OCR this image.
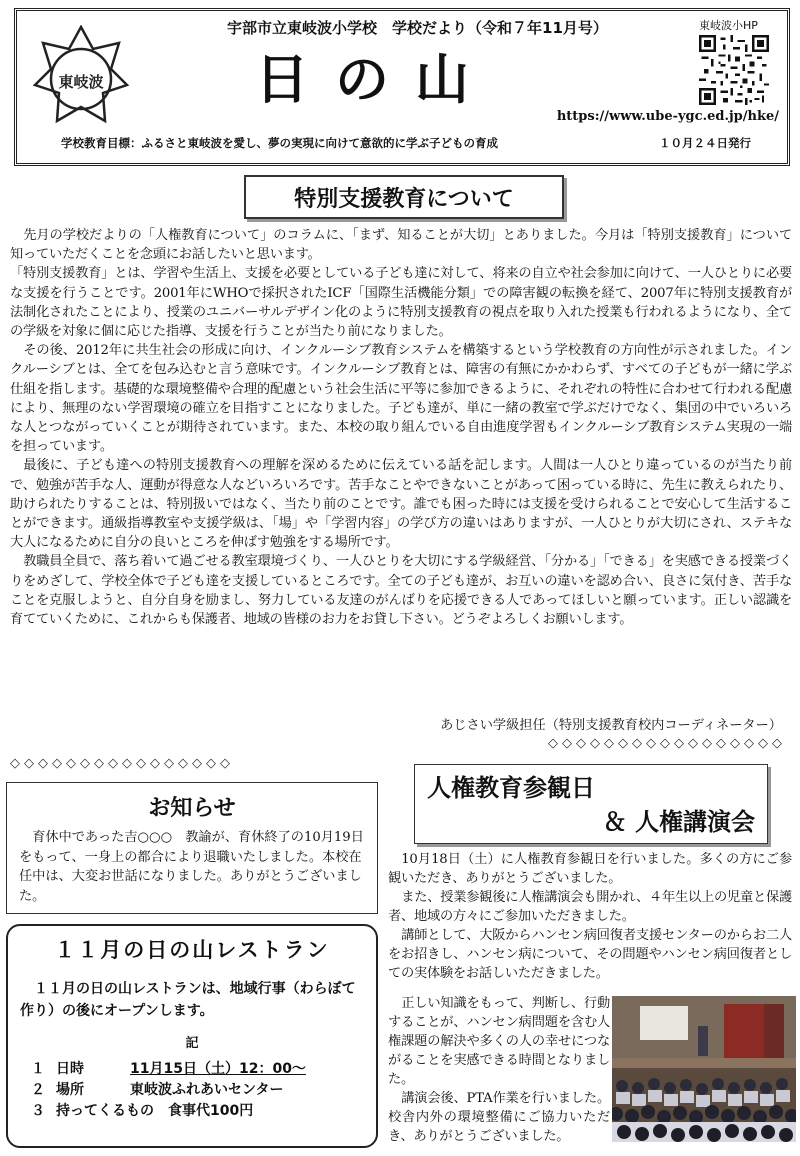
東岐波
宇部市立東岐波小学校　学校だより（令和７年11月号）
日の山
東岐波小HP
https://www.ube-ygc.ed.jp/hke/
学校教育目標：ふるさと東岐波を愛し、夢の実現に向けて意欲的に学ぶ子どもの育成	１０月２４日発行
特別支援教育について

先月の学校だよりの「人権教育について」のコラムに、「まず、知ることが大切」とありました。今月は「特別支援教育」について知っていただくことを念頭にお話したいと思います。

「特別支援教育」とは、学習や生活上、支援を必要としている子ども達に対して、将来の自立や社会参加に向けて、一人ひとりに必要な支援を行うことです。2001年にWHOで採択されたICF「国際生活機能分類」での障害観の転換を経て、2007年に特別支援教育が法制化されたことにより、授業のユニバーサルデザイン化のように特別支援教育の視点を取り入れた授業も行われるようになり、全ての学級を対象に個に応じた指導、支援を行うことが当たり前になりました。

その後、2012年に共生社会の形成に向け、インクルーシブ教育システムを構築するという学校教育の方向性が示されました。インクルーシブとは、全てを包み込むと言う意味です。インクルーシブ教育とは、障害の有無にかかわらず、すべての子どもが一緒に学ぶ仕組を指します。基礎的な環境整備や合理的配慮という社会生活に平等に参加できるように、それぞれの特性に合わせて行われる配慮により、無理のない学習環境の確立を目指すことになりました。子ども達が、単に一緒の教室で学ぶだけでなく、集団の中でいろいろな人とつながっていくことが期待されています。また、本校の取り組んでいる自由進度学習もインクルーシブ教育システム実現の一端を担っています。

最後に、子ども達への特別支援教育への理解を深めるために伝えている話を記します。人間は一人ひとり違っているのが当たり前で、勉強が苦手な人、運動が得意な人などいろいろです。苦手なことやできないことがあって困っている時に、先生に教えられたり、助けられたりすることは、特別扱いではなく、当たり前のことです。誰でも困った時には支援を受けられることで安心して生活することができます。通級指導教室や支援学級は、「場」や「学習内容」の学び方の違いはありますが、一人ひとりが大切にされ、ステキな大人になるために自分の良いところを伸ばす勉強をする場所です。

教職員全員で、落ち着いて過ごせる教室環境づくり、一人ひとりを大切にする学級経営、「分かる」「できる」を実感できる授業づくりをめざして、学校全体で子ども達を支援しているところです。全ての子ども達が、お互いの違いを認め合い、良さに気付き、苦手なことを克服しようと、自分自身を励まし、努力している友達のがんばりを応援できる人であってほしいと願っています。正しい認識を育てていくために、これからも保護者、地域の皆様のお力をお貸し下さい。どうぞよろしくお願いします。

あじさい学級担任（特別支援教育校内コーディネーター）
◇◇◇◇◇◇◇◇◇◇◇◇◇◇◇◇◇
◇◇◇◇◇◇◇◇◇◇◇◇◇◇◇◇
お知らせ
育休中であった吉○○○　教諭が、育休終了の10月19日をもって、一身上の都合により退職いたしました。本校在任中は、大変お世話になりました。ありがとうございました。
１１月の日の山レストラン
１１月の日の山レストランは、地域行事（わらぼて作り）の後にオープンします。
記
１ 日時	11月15日（土）12：00～
２ 場所	東岐波ふれあいセンター
３ 持ってくるもの 食事代100円
人権教育参観日
＆ 人権講演会

10月18日（土）に人権教育参観日を行いました。多くの方にご参観いただき、ありがとうございました。

また、授業参観後に人権講演会も開かれ、４年生以上の児童と保護者、地域の方々にご参加いただきました。

講師として、大阪からハンセン病回復者支援センターのからお二人をお招きし、ハンセン病について、その問題やハンセン病回復者としての実体験をお話しいただきました。

正しい知識をもって、判断し、行動することが、ハンセン病問題を含む人権課題の解決や多くの人の幸せにつながることを実感できる時間となりました。

講演会後、PTA作業を行いました。校舎内外の環境整備にご協力いただき、ありがとうございました。
